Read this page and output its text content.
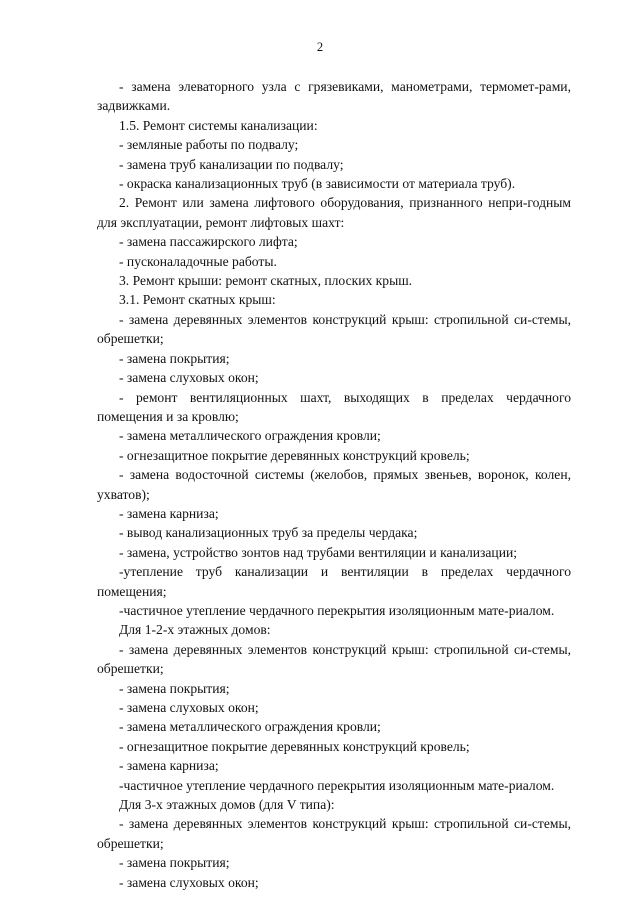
2

- замена элеваторного узла с грязевиками, манометрами, термомет-рами, задвижками.

1.5. Ремонт системы канализации:

- земляные работы по подвалу;

- замена труб канализации по подвалу;

- окраска канализационных труб (в зависимости от материала труб).

2. Ремонт или замена лифтового оборудования, признанного непри-годным для эксплуатации, ремонт лифтовых шахт:

- замена пассажирского лифта;

- пусконаладочные работы.

3. Ремонт крыши: ремонт скатных, плоских крыш.

3.1. Ремонт скатных крыш:

- замена деревянных элементов конструкций крыш: стропильной си-стемы, обрешетки;

- замена покрытия;

- замена слуховых окон;

- ремонт вентиляционных шахт, выходящих в пределах чердачного помещения и за кровлю;

- замена металлического ограждения кровли;

- огнезащитное покрытие деревянных конструкций кровель;

- замена водосточной системы (желобов, прямых звеньев, воронок, колен, ухватов);

- замена карниза;

- вывод канализационных труб за пределы чердака;

- замена, устройство зонтов над трубами вентиляции и канализации;

-утепление труб канализации и вентиляции в пределах чердачного помещения;

-частичное утепление чердачного перекрытия изоляционным мате-риалом.

Для 1-2-х этажных домов:

- замена деревянных элементов конструкций крыш: стропильной си-стемы, обрешетки;

- замена покрытия;

- замена слуховых окон;

- замена металлического ограждения кровли;

- огнезащитное покрытие деревянных конструкций кровель;

- замена карниза;

-частичное утепление чердачного перекрытия изоляционным мате-риалом.

Для 3-х этажных домов (для V типа):

- замена деревянных элементов конструкций крыш: стропильной си-стемы, обрешетки;

- замена покрытия;

- замена слуховых окон;
